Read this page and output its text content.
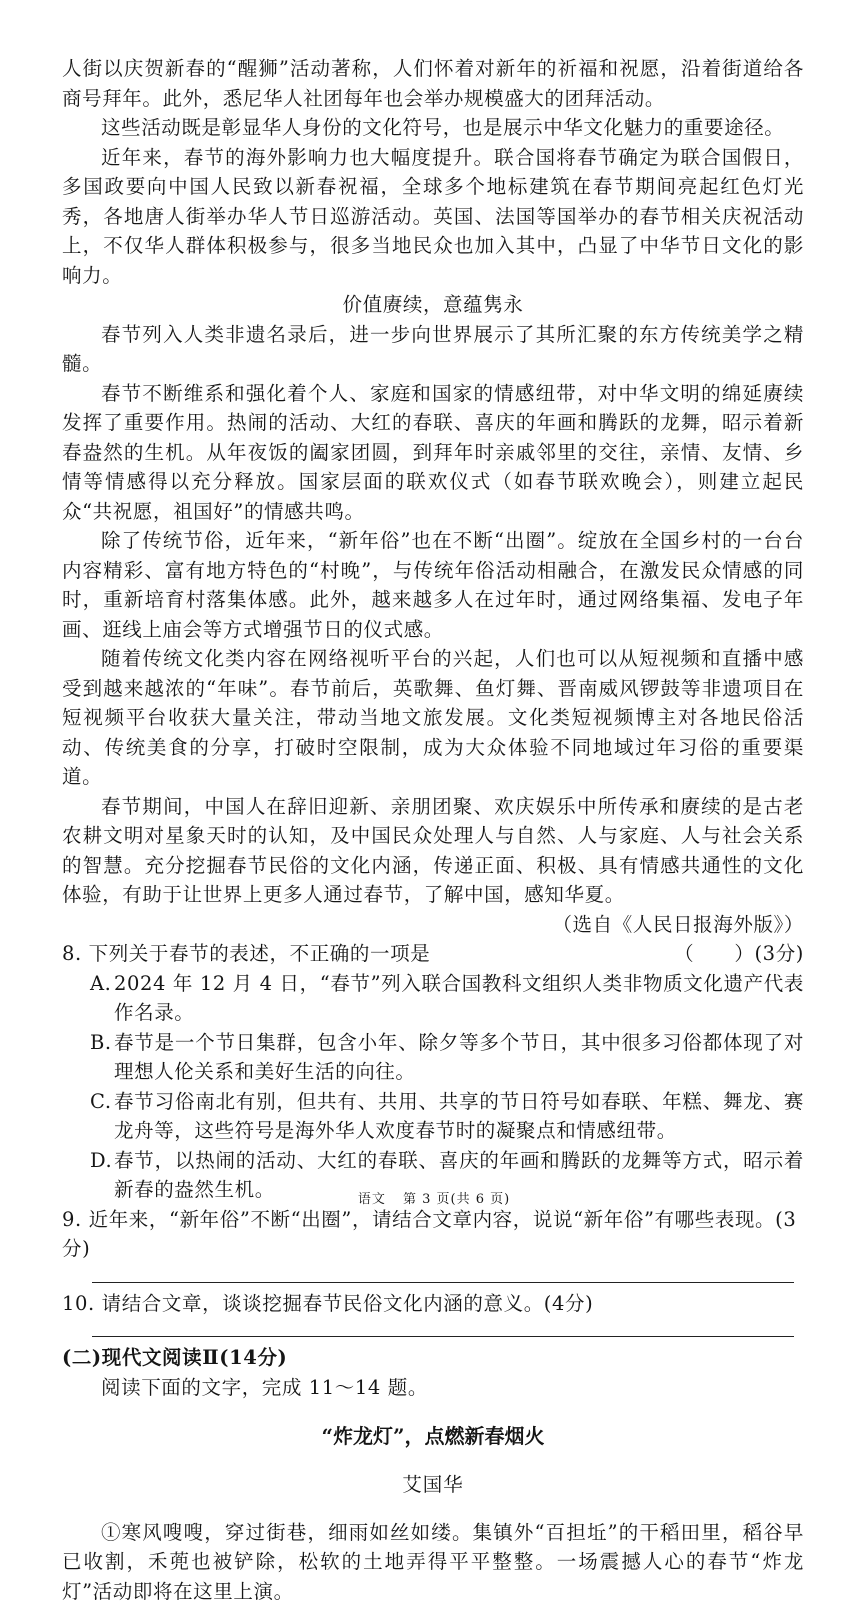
人街以庆贺新春的“醒狮”活动著称，人们怀着对新年的祈福和祝愿，沿着街道给各商号拜年。此外，悉尼华人社团每年也会举办规模盛大的团拜活动。

这些活动既是彰显华人身份的文化符号，也是展示中华文化魅力的重要途径。

近年来，春节的海外影响力也大幅度提升。联合国将春节确定为联合国假日，多国政要向中国人民致以新春祝福，全球多个地标建筑在春节期间亮起红色灯光秀，各地唐人街举办华人节日巡游活动。英国、法国等国举办的春节相关庆祝活动上，不仅华人群体积极参与，很多当地民众也加入其中，凸显了中华节日文化的影响力。

价值赓续，意蕴隽永

春节列入人类非遗名录后，进一步向世界展示了其所汇聚的东方传统美学之精髓。

春节不断维系和强化着个人、家庭和国家的情感纽带，对中华文明的绵延赓续发挥了重要作用。热闹的活动、大红的春联、喜庆的年画和腾跃的龙舞，昭示着新春盎然的生机。从年夜饭的阖家团圆，到拜年时亲戚邻里的交往，亲情、友情、乡情等情感得以充分释放。国家层面的联欢仪式（如春节联欢晚会），则建立起民众“共祝愿，祖国好”的情感共鸣。

除了传统节俗，近年来，“新年俗”也在不断“出圈”。绽放在全国乡村的一台台内容精彩、富有地方特色的“村晚”，与传统年俗活动相融合，在激发民众情感的同时，重新培育村落集体感。此外，越来越多人在过年时，通过网络集福、发电子年画、逛线上庙会等方式增强节日的仪式感。

随着传统文化类内容在网络视听平台的兴起，人们也可以从短视频和直播中感受到越来越浓的“年味”。春节前后，英歌舞、鱼灯舞、晋南威风锣鼓等非遗项目在短视频平台收获大量关注，带动当地文旅发展。文化类短视频博主对各地民俗活动、传统美食的分享，打破时空限制，成为大众体验不同地域过年习俗的重要渠道。

春节期间，中国人在辞旧迎新、亲朋团聚、欢庆娱乐中所传承和赓续的是古老农耕文明对星象天时的认知，及中国民众处理人与自然、人与家庭、人与社会关系的智慧。充分挖掘春节民俗的文化内涵，传递正面、积极、具有情感共通性的文化体验，有助于让世界上更多人通过春节，了解中国，感知华夏。

（选自《人民日报海外版》）

8. 下列关于春节的表述，不正确的一项是	（　　）(3分)
A. 2024 年 12 月 4 日，“春节”列入联合国教科文组织人类非物质文化遗产代表作名录。
B. 春节是一个节日集群，包含小年、除夕等多个节日，其中很多习俗都体现了对理想人伦关系和美好生活的向往。
C. 春节习俗南北有别，但共有、共用、共享的节日符号如春联、年糕、舞龙、赛龙舟等，这些符号是海外华人欢度春节时的凝聚点和情感纽带。
D. 春节，以热闹的活动、大红的春联、喜庆的年画和腾跃的龙舞等方式，昭示着新春的盎然生机。

9. 近年来，“新年俗”不断“出圈”，请结合文章内容，说说“新年俗”有哪些表现。(3分)

10. 请结合文章，谈谈挖掘春节民俗文化内涵的意义。(4分)

(二)现代文阅读Ⅱ(14分)

阅读下面的文字，完成 11～14 题。

“炸龙灯”，点燃新春烟火

艾国华

①寒风嗖嗖，穿过街巷，细雨如丝如缕。集镇外“百担坵”的干稻田里，稻谷早已收割，禾蔸也被铲除，松软的土地弄得平平整整。一场震撼人心的春节“炸龙灯”活动即将在这里上演。

语文 第 3 页(共 6 页)
